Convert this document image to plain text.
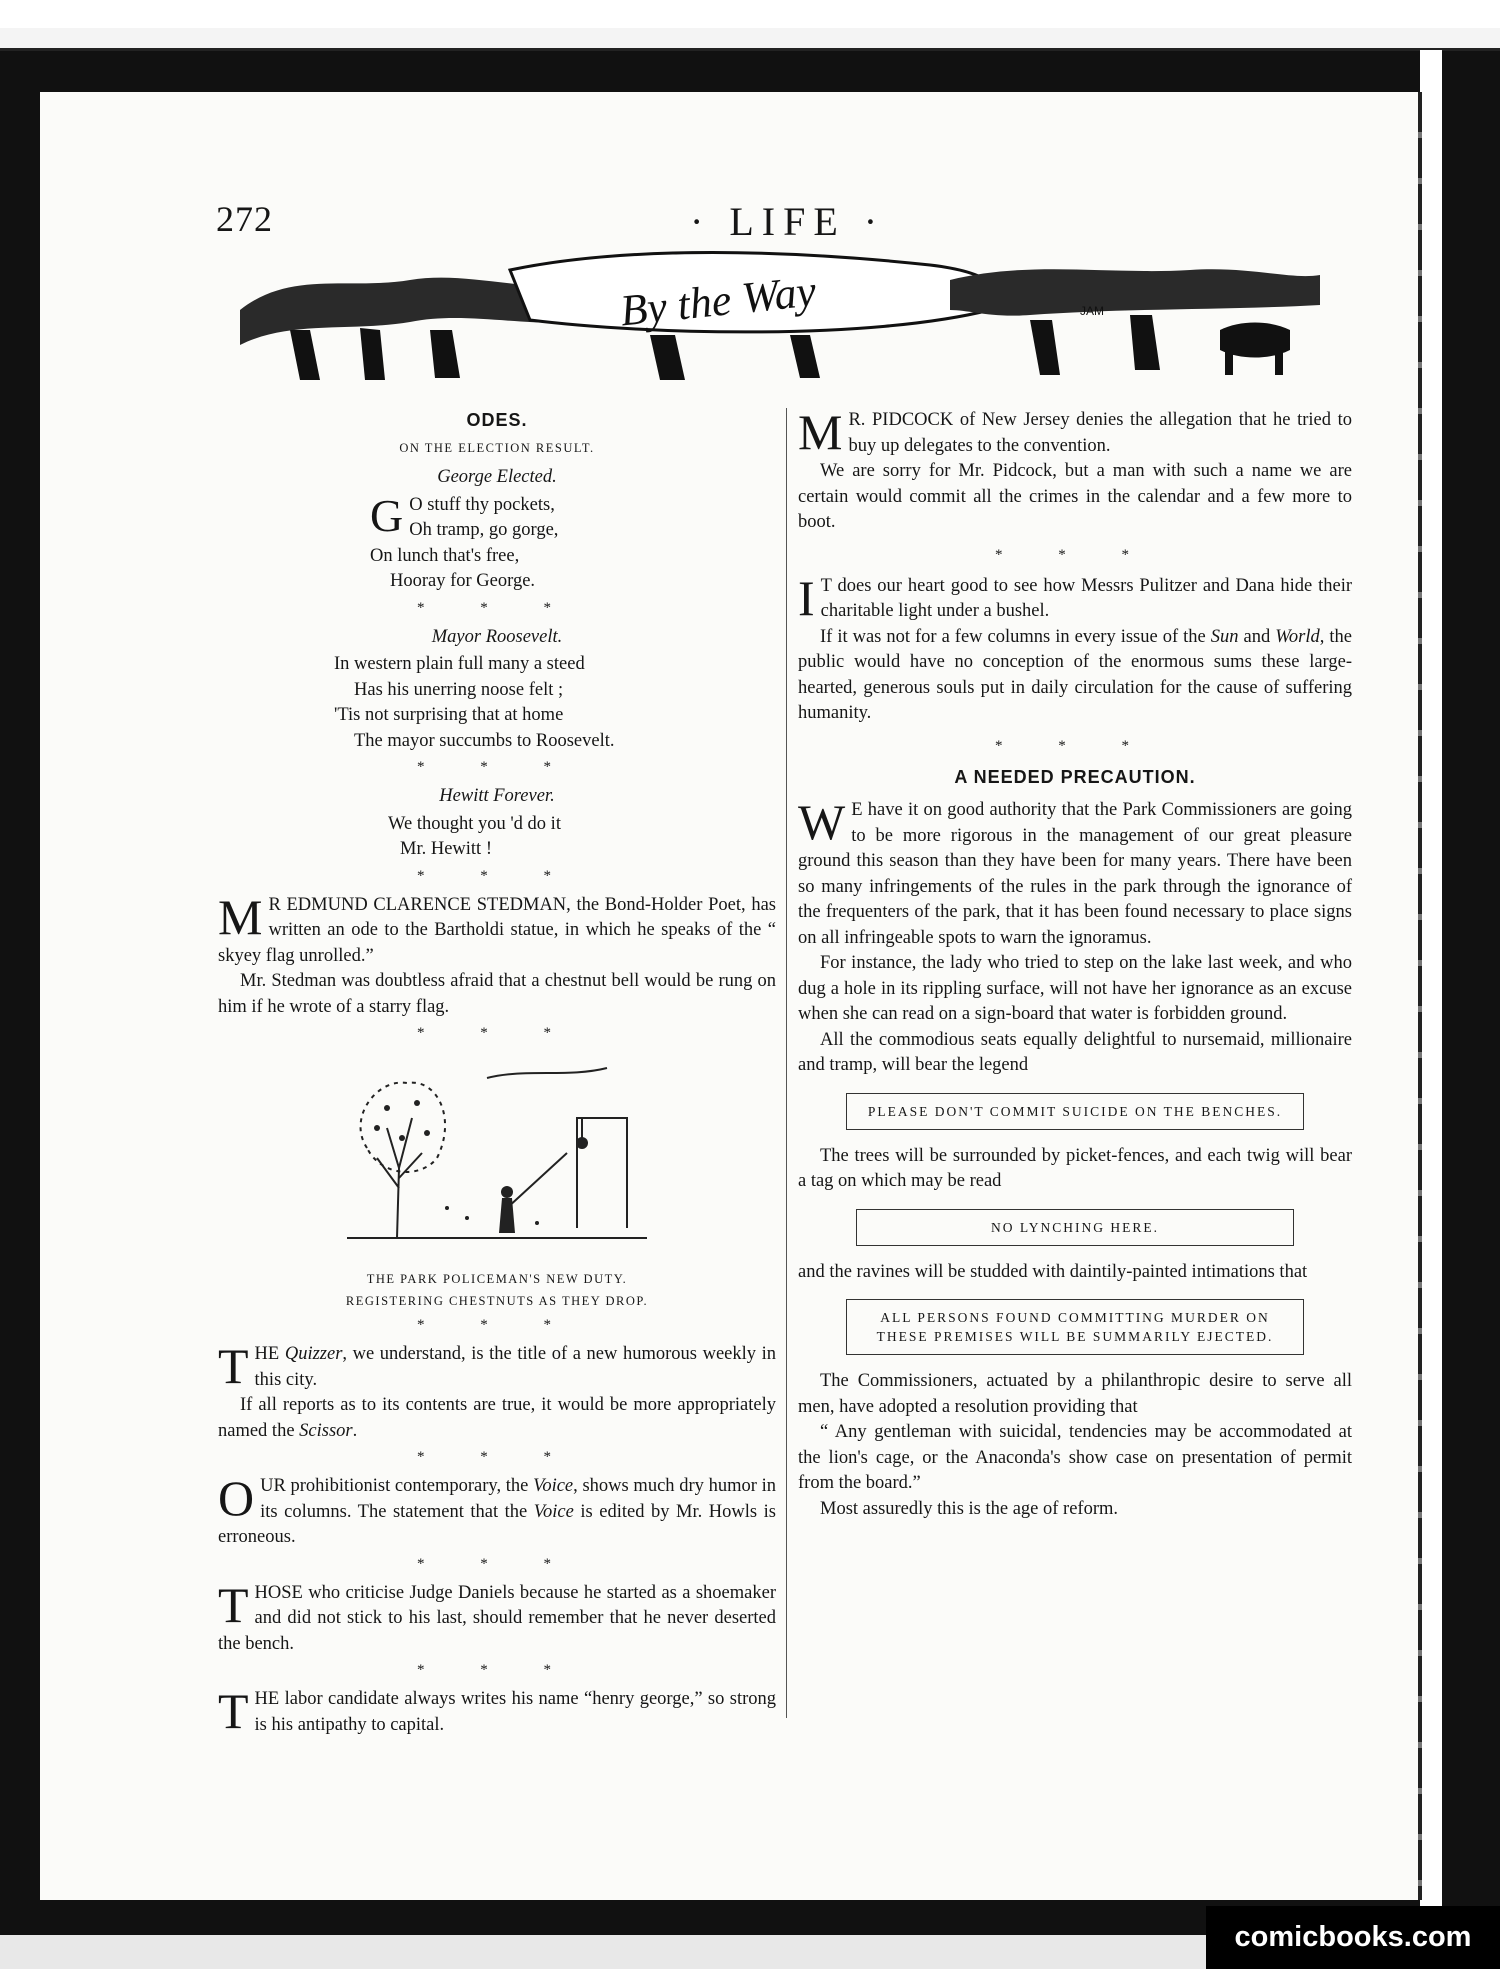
272	· LIFE ·
By the Way	JAM

ODES.

ON THE ELECTION RESULT.

George Elected.

G O stuff thy pockets,
Oh tramp, go gorge,
On lunch that's free,
Hooray for George.
* * *

Mayor Roosevelt.

In western plain full many a steed
Has his unerring noose felt ;
'Tis not surprising that at home
The mayor succumbs to Roosevelt.
* * *

Hewitt Forever.

We thought you 'd do it
Mr. Hewitt !
* * *

MR EDMUND CLARENCE STEDMAN, the Bond-Holder Poet, has written an ode to the Bartholdi statue, in which he speaks of the “ skyey flag unrolled.”

Mr. Stedman was doubtless afraid that a chestnut bell would be rung on him if he wrote of a starry flag.

* * *
THE PARK POLICEMAN'S NEW DUTY.
REGISTERING CHESTNUTS AS THEY DROP.
* * *

THE Quizzer, we understand, is the title of a new humorous weekly in this city.

If all reports as to its contents are true, it would be more appropriately named the Scissor.

* * *

OUR prohibitionist contemporary, the Voice, shows much dry humor in its columns. The statement that the Voice is edited by Mr. Howls is erroneous.

* * *

THOSE who criticise Judge Daniels because he started as a shoemaker and did not stick to his last, should remember that he never deserted the bench.

* * *

THE labor candidate always writes his name “henry george,” so strong is his antipathy to capital.

MR. PIDCOCK of New Jersey denies the allegation that he tried to buy up delegates to the convention.

We are sorry for Mr. Pidcock, but a man with such a name we are certain would commit all the crimes in the calendar and a few more to boot.

* * *

IT does our heart good to see how Messrs Pulitzer and Dana hide their charitable light under a bushel.

If it was not for a few columns in every issue of the Sun and World, the public would have no conception of the enormous sums these large-hearted, generous souls put in daily circulation for the cause of suffering humanity.

* * *

A NEEDED PRECAUTION.

WE have it on good authority that the Park Commissioners are going to be more rigorous in the management of our great pleasure ground this season than they have been for many years. There have been so many infringements of the rules in the park through the ignorance of the frequenters of the park, that it has been found necessary to place signs on all infringeable spots to warn the ignoramus.

For instance, the lady who tried to step on the lake last week, and who dug a hole in its rippling surface, will not have her ignorance as an excuse when she can read on a sign-board that water is forbidden ground.

All the commodious seats equally delightful to nursemaid, millionaire and tramp, will bear the legend

PLEASE DON'T COMMIT SUICIDE ON THE BENCHES.

The trees will be surrounded by picket-fences, and each twig will bear a tag on which may be read

NO LYNCHING HERE.

and the ravines will be studded with daintily-painted intimations that

ALL PERSONS FOUND COMMITTING MURDER ON THESE PREMISES WILL BE SUMMARILY EJECTED.

The Commissioners, actuated by a philanthropic desire to serve all men, have adopted a resolution providing that

“ Any gentleman with suicidal, tendencies may be accommodated at the lion's cage, or the Anaconda's show case on presentation of permit from the board.”

Most assuredly this is the age of reform.

comicbooks.com
